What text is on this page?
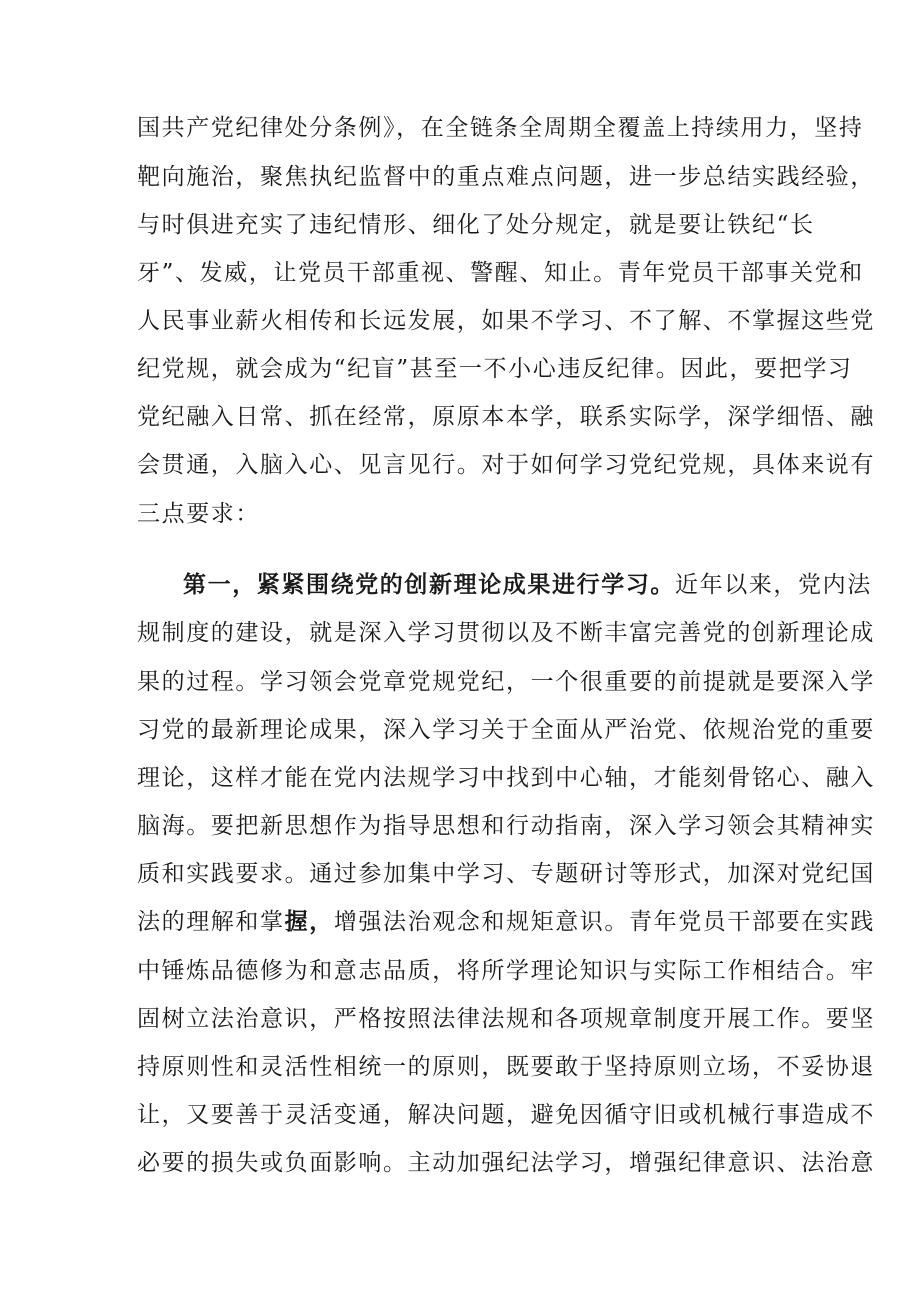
国共产党纪律处分条例》，在全链条全周期全覆盖上持续用力，坚持
靶向施治，聚焦执纪监督中的重点难点问题，进一步总结实践经验，
与时俱进充实了违纪情形、细化了处分规定，就是要让铁纪“长
牙”、发威，让党员干部重视、警醒、知止。青年党员干部事关党和
人民事业薪火相传和长远发展，如果不学习、不了解、不掌握这些党
纪党规，就会成为“纪盲”甚至一不小心违反纪律。因此，要把学习
党纪融入日常、抓在经常，原原本本学，联系实际学，深学细悟、融
会贯通，入脑入心、见言见行。对于如何学习党纪党规，具体来说有
三点要求：
第一，紧紧围绕党的创新理论成果进行学习。近年以来，党内法
规制度的建设，就是深入学习贯彻以及不断丰富完善党的创新理论成
果的过程。学习领会党章党规党纪，一个很重要的前提就是要深入学
习党的最新理论成果，深入学习关于全面从严治党、依规治党的重要
理论，这样才能在党内法规学习中找到中心轴，才能刻骨铭心、融入
脑海。要把新思想作为指导思想和行动指南，深入学习领会其精神实
质和实践要求。通过参加集中学习、专题研讨等形式，加深对党纪国
法的理解和掌握，增强法治观念和规矩意识。青年党员干部要在实践
中锤炼品德修为和意志品质，将所学理论知识与实际工作相结合。牢
固树立法治意识，严格按照法律法规和各项规章制度开展工作。要坚
持原则性和灵活性相统一的原则，既要敢于坚持原则立场，不妥协退
让，又要善于灵活变通，解决问题，避免因循守旧或机械行事造成不
必要的损失或负面影响。主动加强纪法学习，增强纪律意识、法治意
